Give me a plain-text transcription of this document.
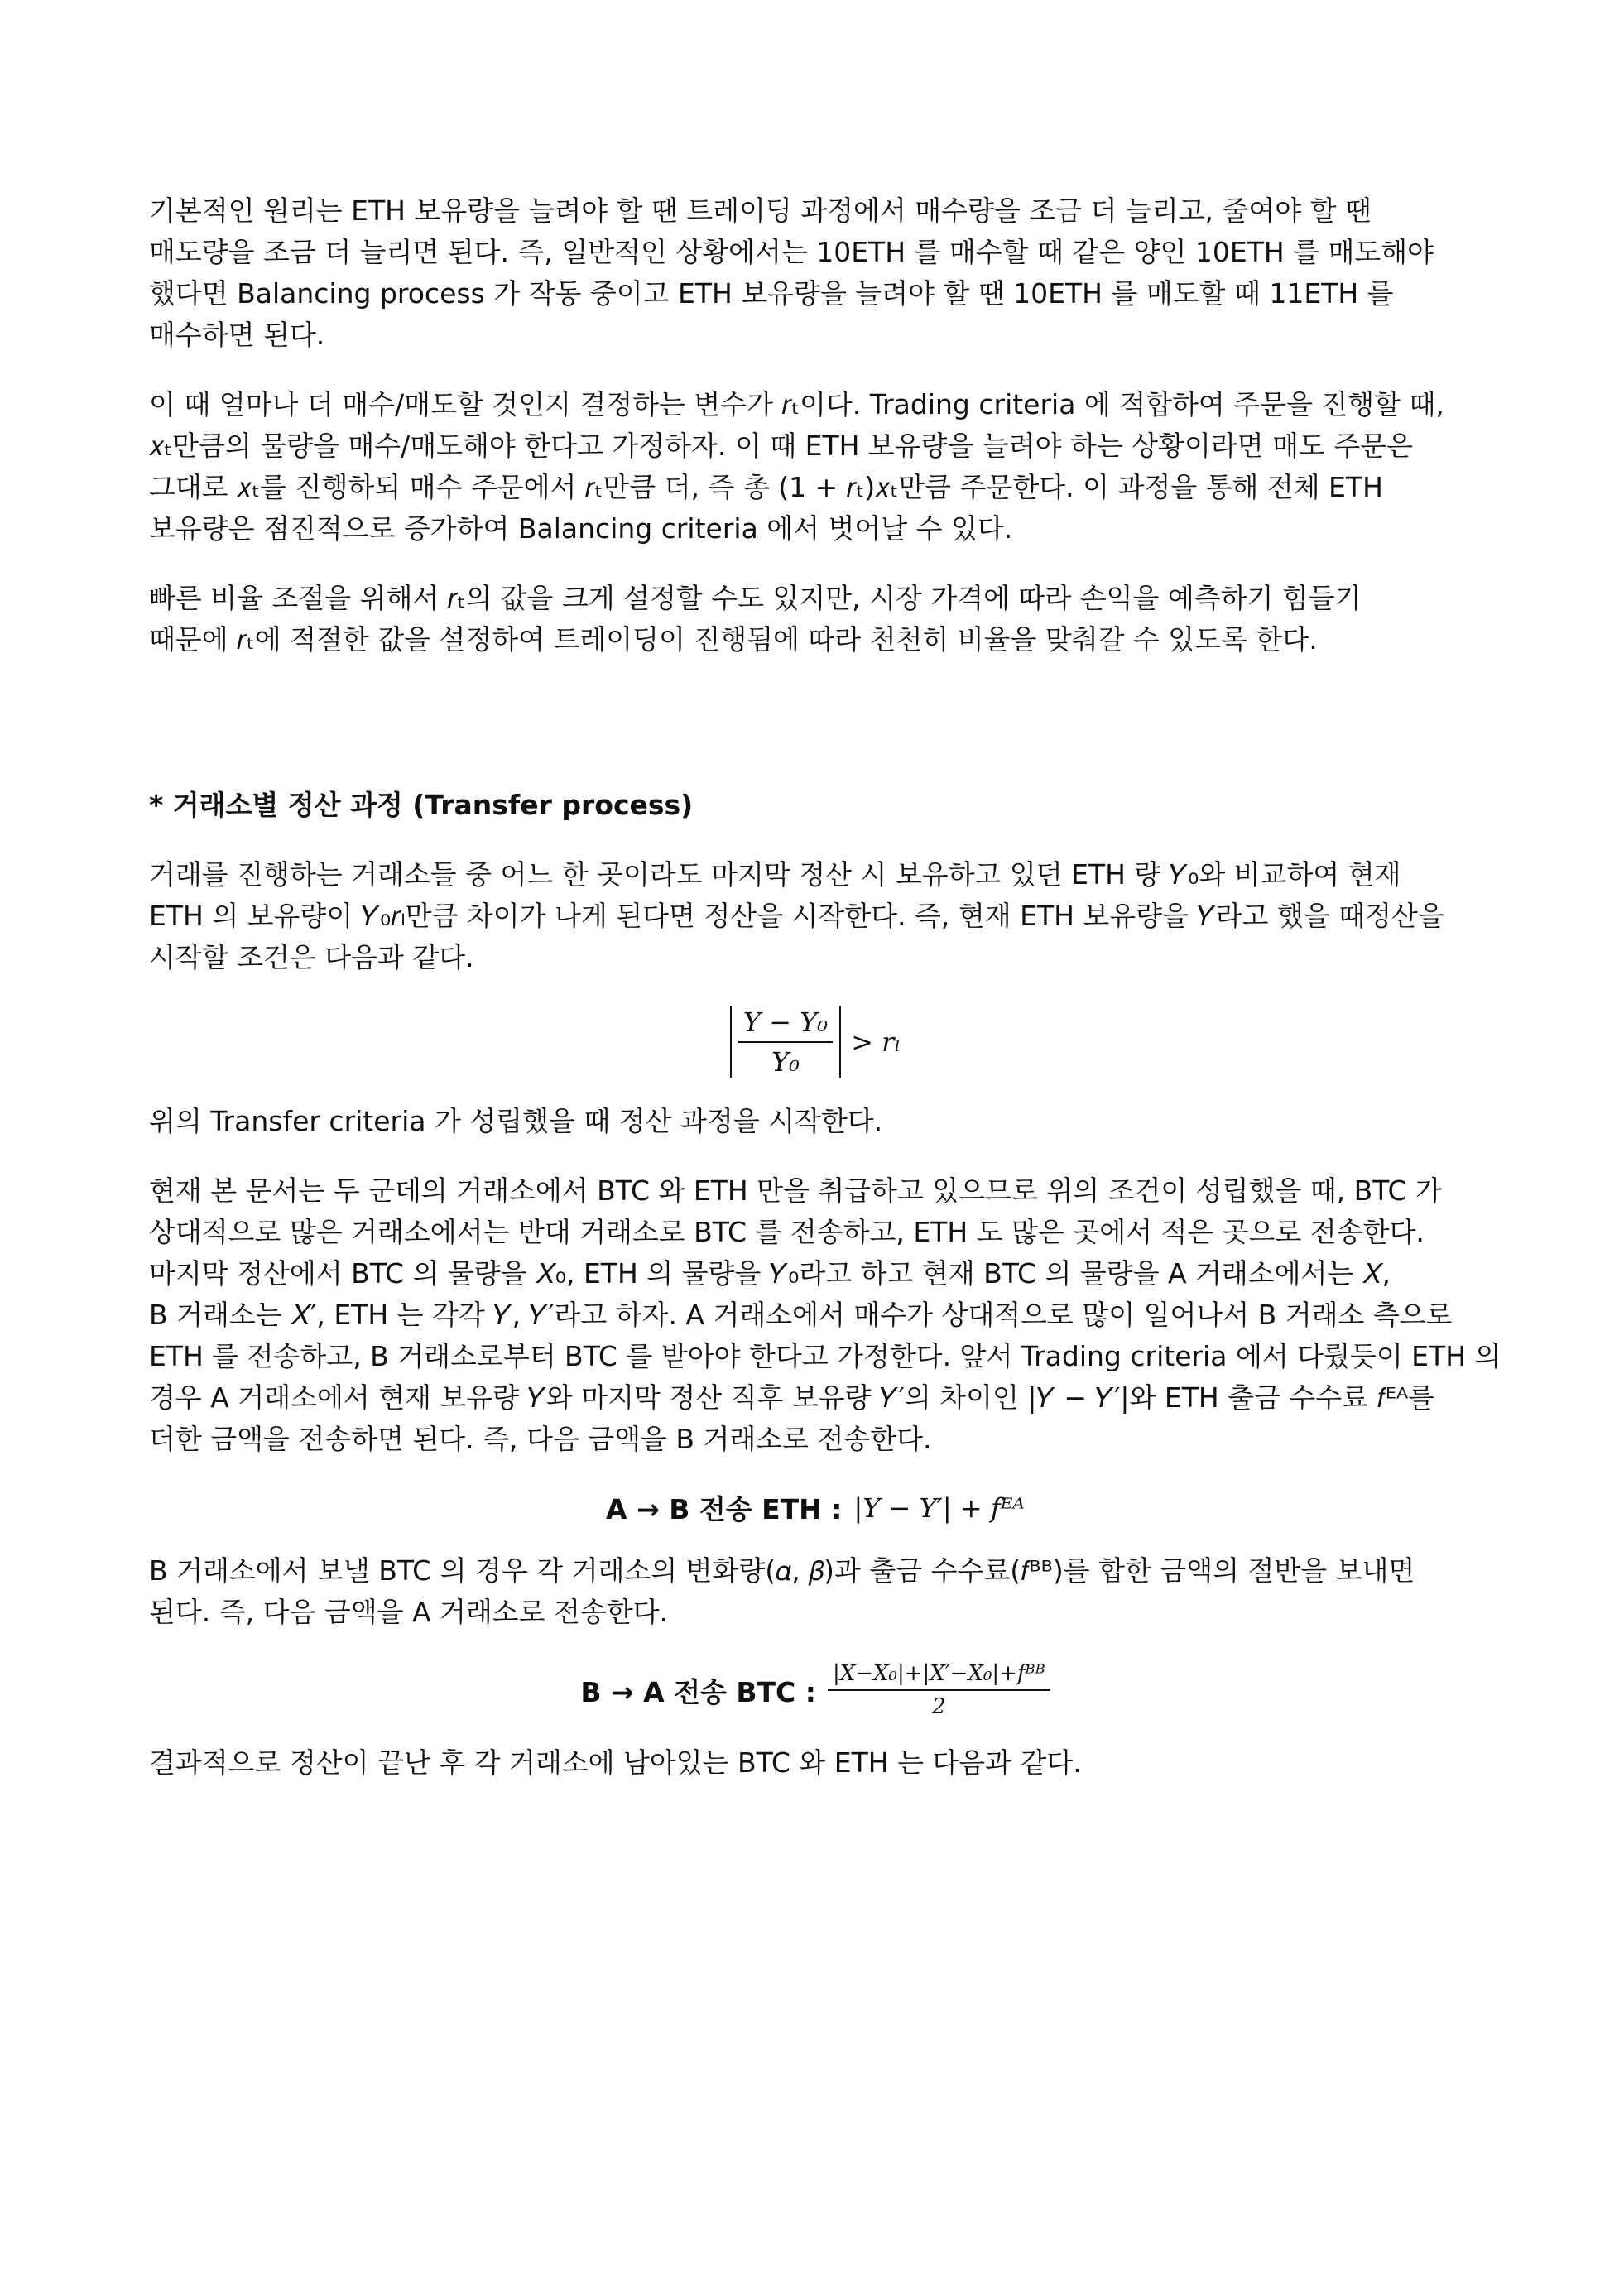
기본적인 원리는 ETH 보유량을 늘려야 할 땐 트레이딩 과정에서 매수량을 조금 더 늘리고, 줄여야 할 땐
매도량을 조금 더 늘리면 된다. 즉, 일반적인 상황에서는 10ETH 를 매수할 때 같은 양인 10ETH 를 매도해야
했다면 Balancing process 가 작동 중이고 ETH 보유량을 늘려야 할 땐 10ETH 를 매도할 때 11ETH 를
매수하면 된다.

이 때 얼마나 더 매수/매도할 것인지 결정하는 변수가 𝑟ₜ이다. Trading criteria 에 적합하여 주문을 진행할 때,
𝑥ₜ만큼의 물량을 매수/매도해야 한다고 가정하자. 이 때 ETH 보유량을 늘려야 하는 상황이라면 매도 주문은
그대로 𝑥ₜ를 진행하되 매수 주문에서 𝑟ₜ만큼 더, 즉 총 (1 + 𝑟ₜ)𝑥ₜ만큼 주문한다. 이 과정을 통해 전체 ETH
보유량은 점진적으로 증가하여 Balancing criteria 에서 벗어날 수 있다.

빠른 비율 조절을 위해서 𝑟ₜ의 값을 크게 설정할 수도 있지만, 시장 가격에 따라 손익을 예측하기 힘들기
때문에 𝑟ₜ에 적절한 값을 설정하여 트레이딩이 진행됨에 따라 천천히 비율을 맞춰갈 수 있도록 한다.

* 거래소별 정산 과정 (Transfer process)

거래를 진행하는 거래소들 중 어느 한 곳이라도 마지막 정산 시 보유하고 있던 ETH 량 𝑌₀와 비교하여 현재
ETH 의 보유량이 𝑌₀𝑟ₗ만큼 차이가 나게 된다면 정산을 시작한다. 즉, 현재 ETH 보유량을 𝑌라고 했을 때정산을
시작할 조건은 다음과 같다.

$\frac{\text{𝑌 − 𝑌₀}}{\text{𝑌₀}}$ > 𝑟ₗ

위의 Transfer criteria 가 성립했을 때 정산 과정을 시작한다.

현재 본 문서는 두 군데의 거래소에서 BTC 와 ETH 만을 취급하고 있으므로 위의 조건이 성립했을 때, BTC 가
상대적으로 많은 거래소에서는 반대 거래소로 BTC 를 전송하고, ETH 도 많은 곳에서 적은 곳으로 전송한다.
마지막 정산에서 BTC 의 물량을 𝑋₀, ETH 의 물량을 𝑌₀라고 하고 현재 BTC 의 물량을 A 거래소에서는 𝑋,
B 거래소는 𝑋′, ETH 는 각각 𝑌, 𝑌′라고 하자. A 거래소에서 매수가 상대적으로 많이 일어나서 B 거래소 측으로
ETH 를 전송하고, B 거래소로부터 BTC 를 받아야 한다고 가정한다. 앞서 Trading criteria 에서 다뤘듯이 ETH 의
경우 A 거래소에서 현재 보유량 𝑌와 마지막 정산 직후 보유량 𝑌′의 차이인 |𝑌 − 𝑌′|와 ETH 출금 수수료 𝑓ᴱᴬ를
더한 금액을 전송하면 된다. 즉, 다음 금액을 B 거래소로 전송한다.

A → B 전송 ETH : |𝑌 − 𝑌′| + 𝑓ᴱᴬ

B 거래소에서 보낼 BTC 의 경우 각 거래소의 변화량(𝛼, 𝛽)과 출금 수수료(𝑓ᴮᴮ)를 합한 금액의 절반을 보내면
된다. 즉, 다음 금액을 A 거래소로 전송한다.

B → A 전송 BTC : $\frac{\text{|𝑋−𝑋₀|+|𝑋′−𝑋₀|+𝑓ᴮᴮ}}{2}$

결과적으로 정산이 끝난 후 각 거래소에 남아있는 BTC 와 ETH 는 다음과 같다.
